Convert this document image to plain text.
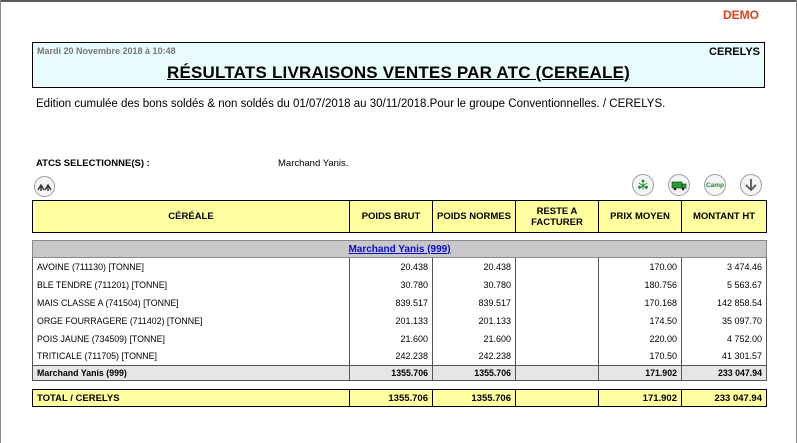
DEMO
Mardi 20 Novembre 2018 à 10:48	CERELYS
RÉSULTATS LIVRAISONS VENTES PAR ATC (CEREALE)
Edition cumulée des bons soldés & non soldés du 01/07/2018 au 30/11/2018.Pour le groupe Conventionnelles. / CERELYS.
ATCS SELECTIONNE(S) :	Marchand Yanis.
Camp
CÉRÉALE	POIDS BRUT	POIDS NORMES	RESTE A FACTURER	PRIX MOYEN	MONTANT HT

Marchand Yanis (999)					
AVOINE (711130) [TONNE]	20.438	20.438		170.00	3 474.46
BLE TENDRE (711201) [TONNE]	30.780	30.780		180.756	5 563.67
MAIS CLASSE A (741504) [TONNE]	839.517	839.517		170.168	142 858.54
ORGE FOURRAGERE (711402) [TONNE]	201.133	201.133		174.50	35 097.70
POIS JAUNE (734509) [TONNE]	21.600	21.600		220.00	4 752.00
TRITICALE (711705) [TONNE]	242.238	242.238		170.50	41 301.57
Marchand Yanis (999)	1355.706	1355.706		171.902	233 047.94

TOTAL / CERELYS	1355.706	1355.706		171.902	233 047.94
